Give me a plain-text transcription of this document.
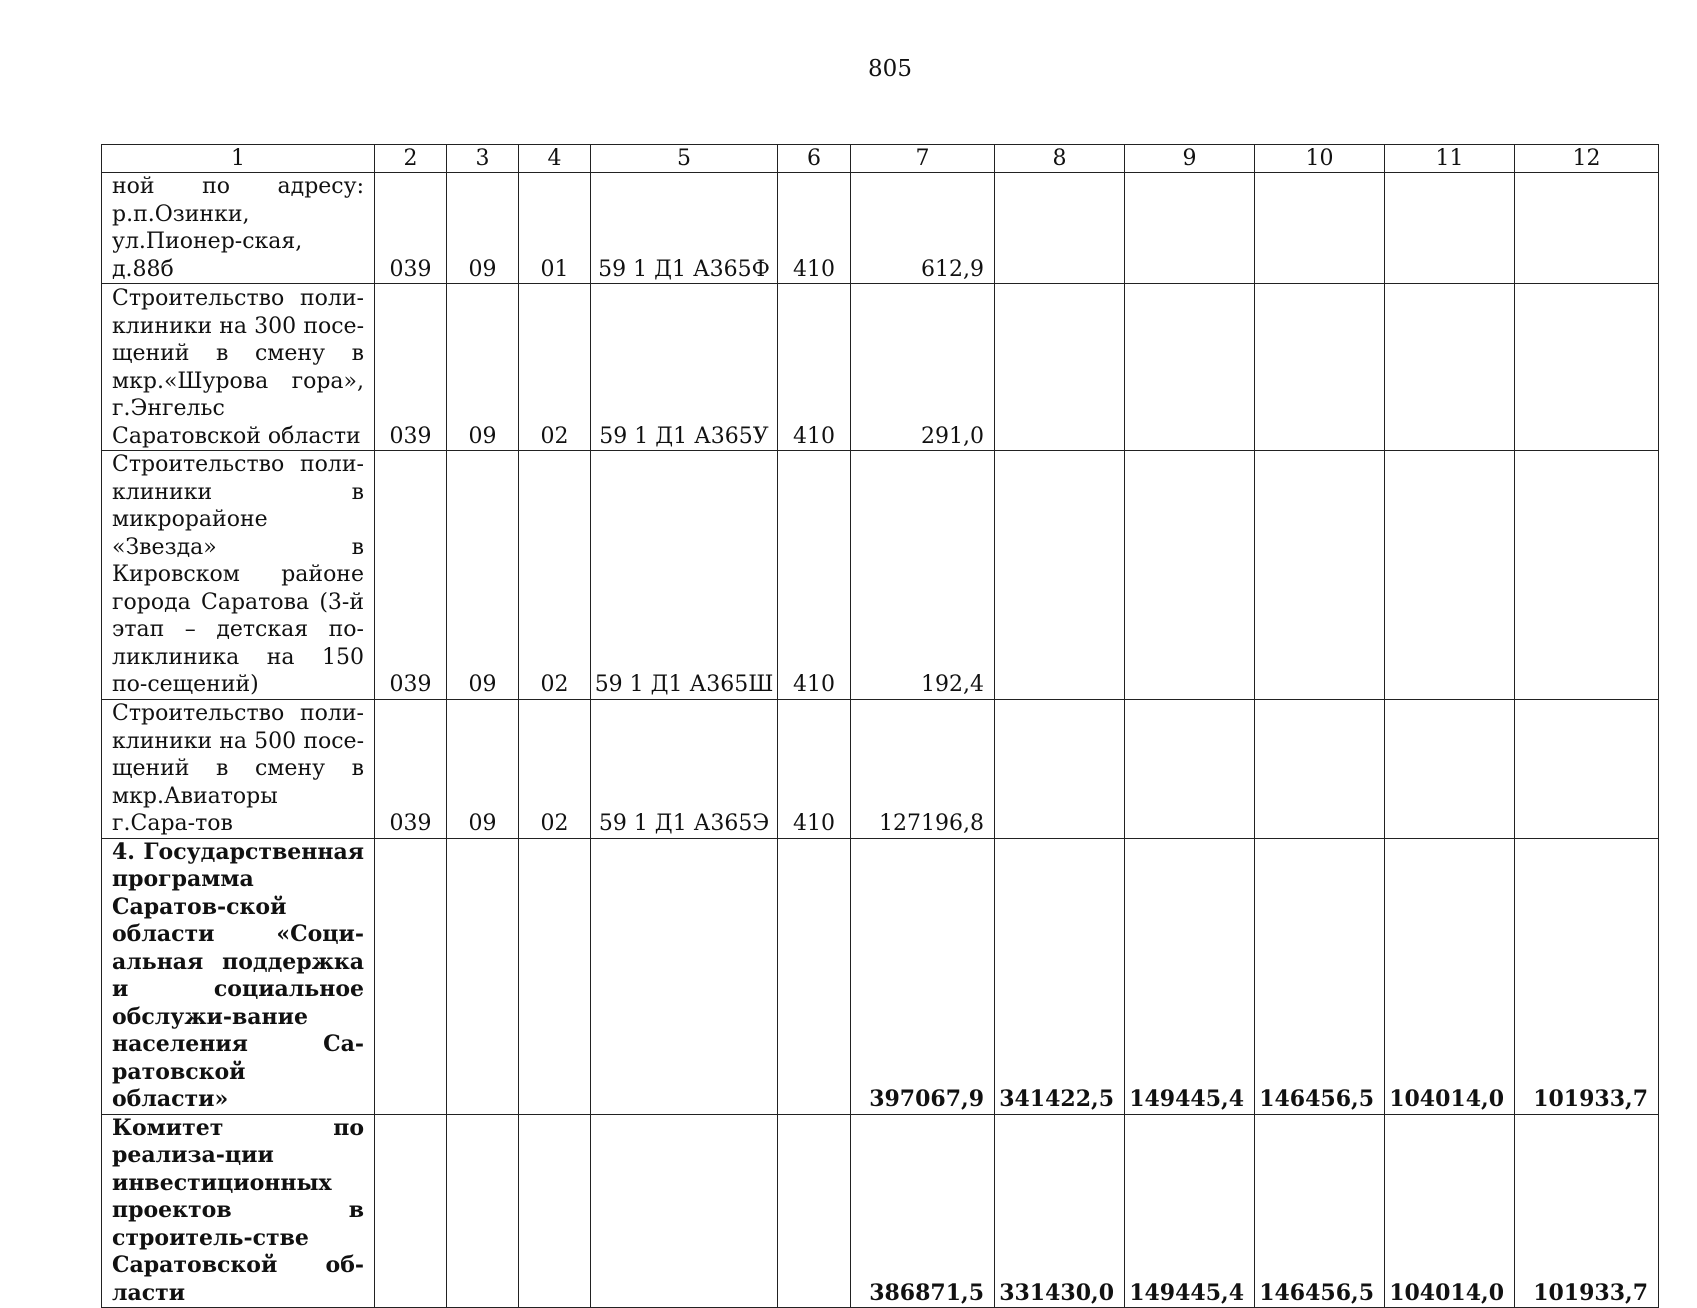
805
1	2	3	4	5	6	7	8	9	10	11	12
ной по адресу: р.п.Озинки, ул.Пионер-ская, д.88б	039	09	01	59 1 Д1 А365Ф	410	612,9					
Строительство поли-клиники на 300 посе-щений в смену в мкр.«Шурова гора», г.Энгельс Саратовской области	039	09	02	59 1 Д1 А365У	410	291,0					
Строительство поли-клиники в микрорайоне «Звезда» в Кировском районе города Саратова (3-й этап – детская по-ликлиника на 150 по-сещений)	039	09	02	59 1 Д1 А365Ш	410	192,4					
Строительство поли-клиники на 500 посе-щений в смену в мкр.Авиаторы г.Сара-тов	039	09	02	59 1 Д1 А365Э	410	127196,8					
4. Государственная программа Саратов-ской области «Соци-альная поддержка и социальное обслужи-вание населения Са-ратовской области»						397067,9	341422,5	149445,4	146456,5	104014,0	101933,7
Комитет по реализа-ции инвестиционных проектов в строитель-стве Саратовской об-ласти						386871,5	331430,0	149445,4	146456,5	104014,0	101933,7
